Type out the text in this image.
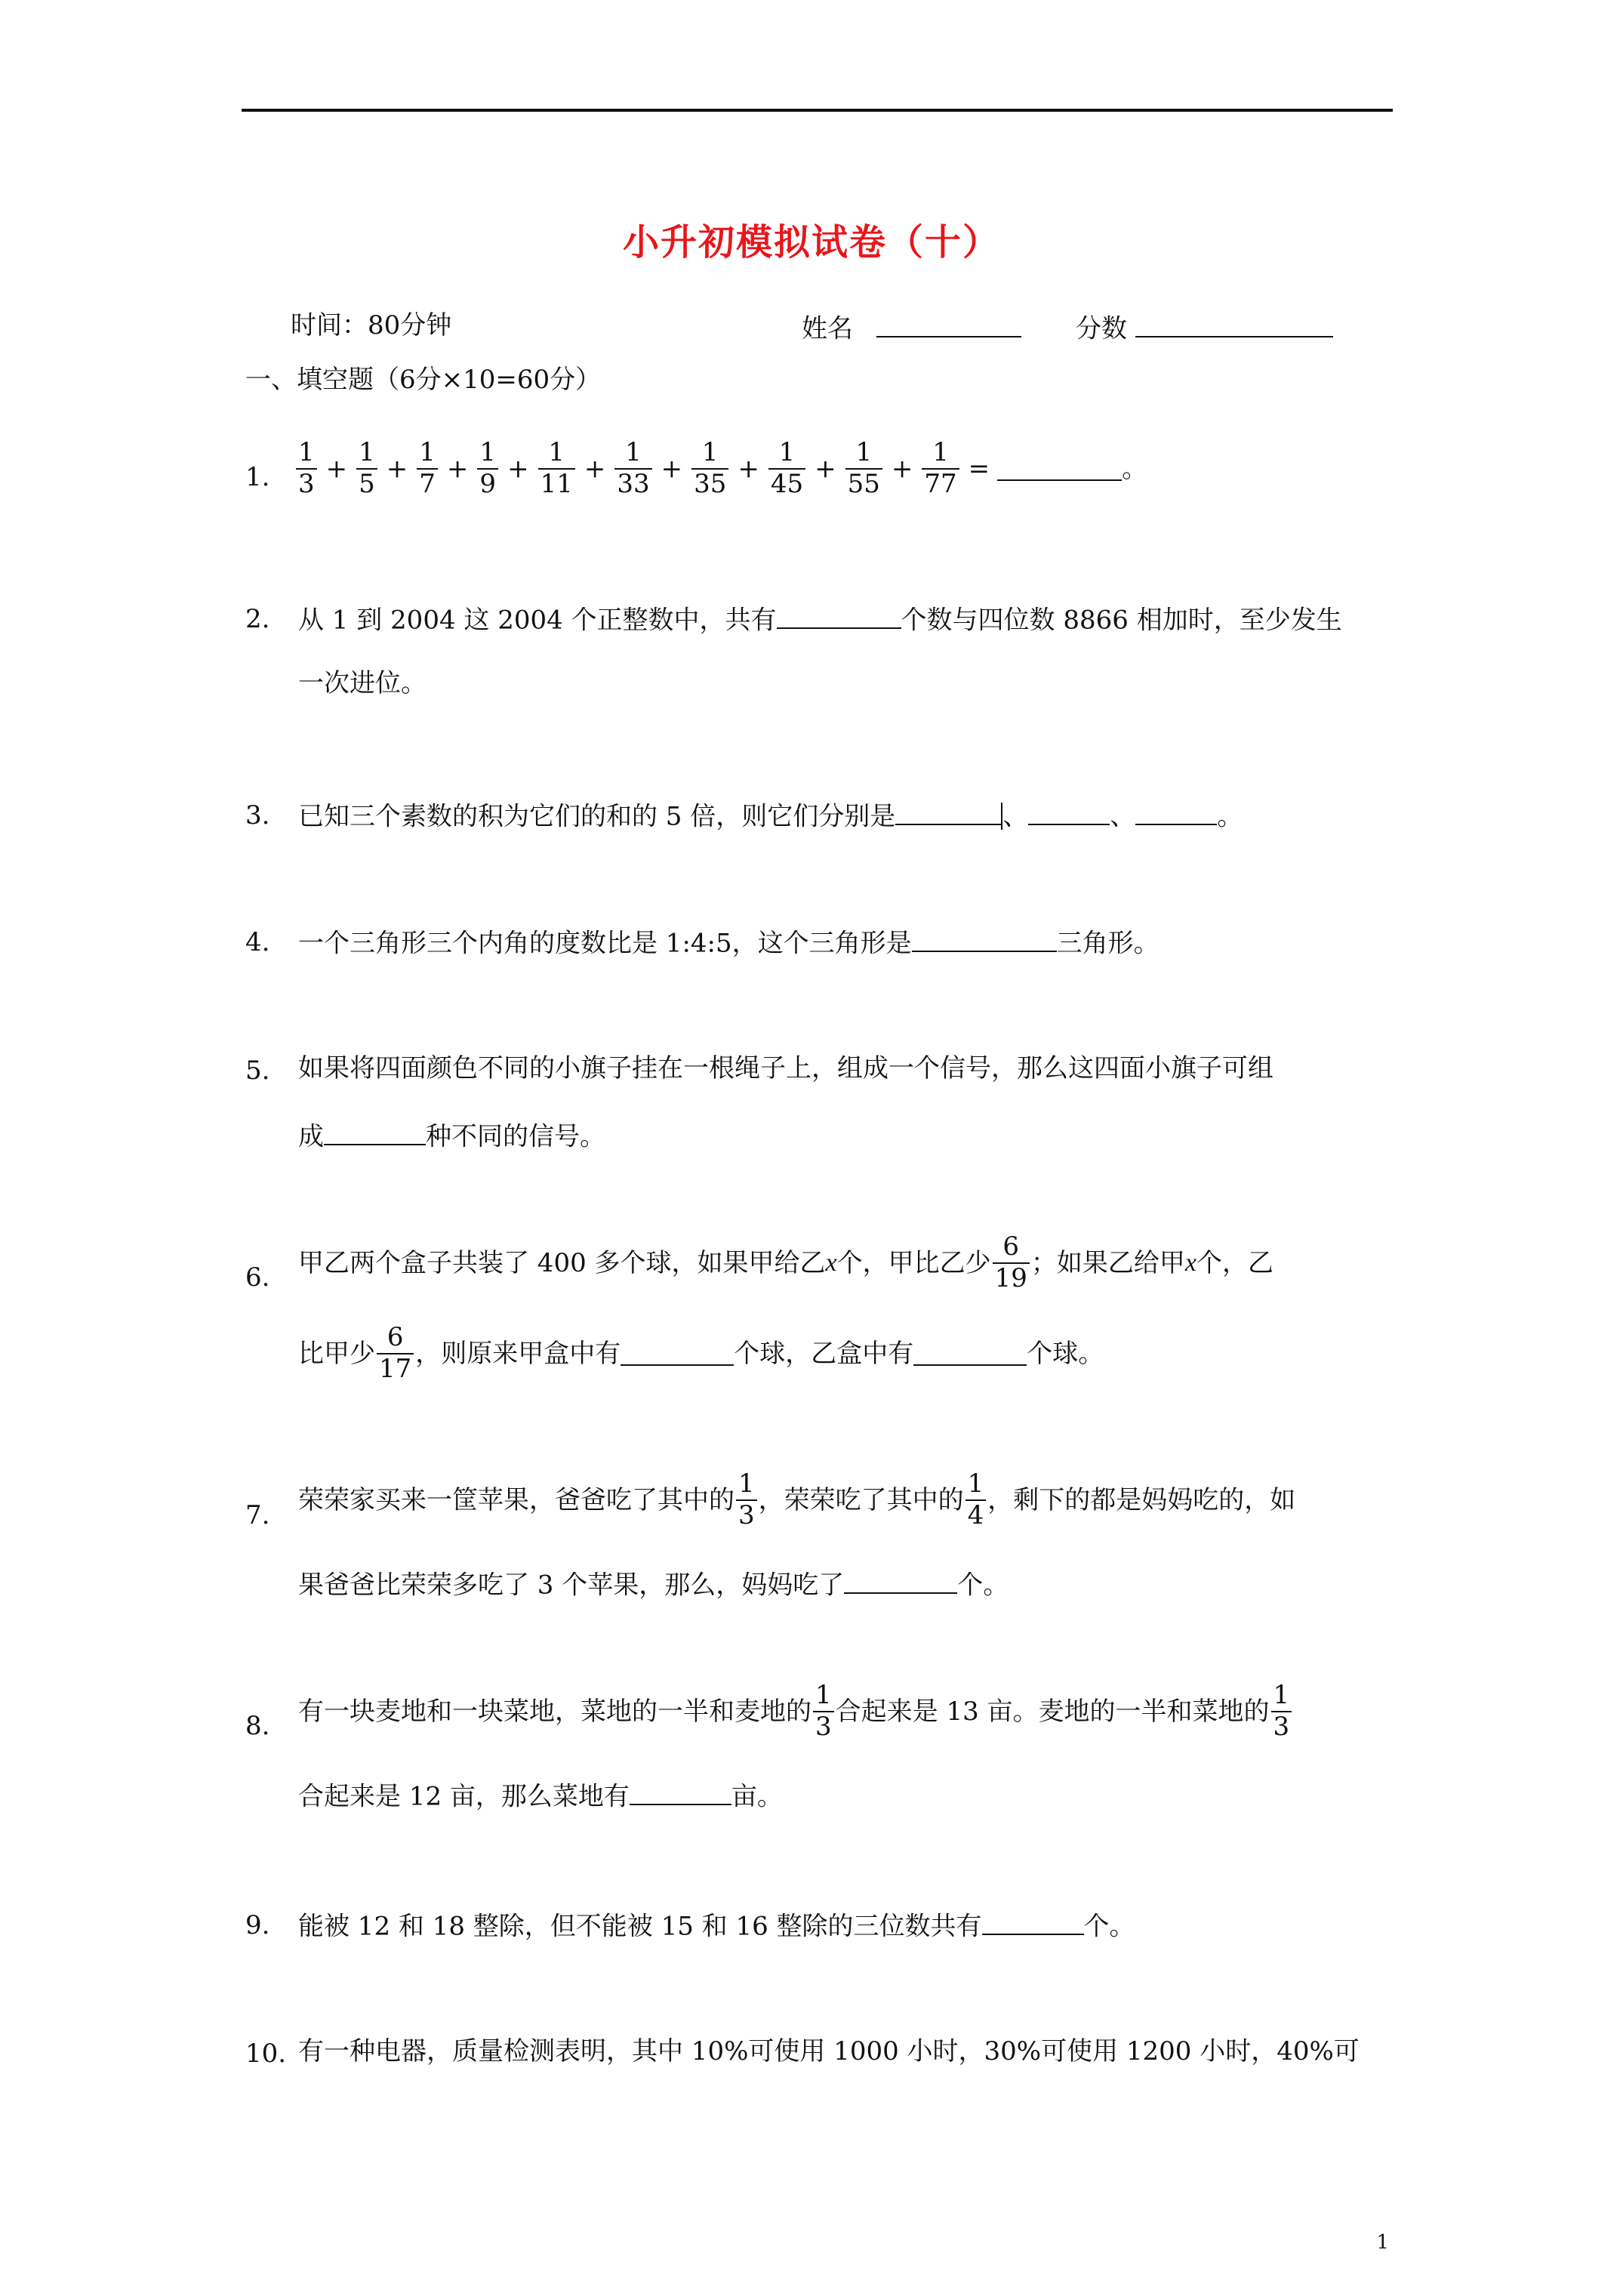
小升初模拟试卷（十）
时间：80分钟	姓名	分数
一、填空题（6分×10=60分）
1. $\frac{1}{3} + \frac{1}{5} + \frac{1}{7} + \frac{1}{9} + \frac{1}{11} + \frac{1}{33} + \frac{1}{35} + \frac{1}{45} + \frac{1}{55} + \frac{1}{77}$ =	。
2. 从 1 到 2004 这 2004 个正整数中，共有	个数与四位数 8866 相加时，至少发生
一次进位。
3. 已知三个素数的积为它们的和的 5 倍，则它们分别是	、	、	。
4. 一个三角形三个内角的度数比是 1:4:5，这个三角形是	三角形。
5. 如果将四面颜色不同的小旗子挂在一根绳子上，组成一个信号，那么这四面小旗子可组
成	种不同的信号。
6. 甲乙两个盒子共装了 400 多个球，如果甲给乙 x 个，甲比乙少 $\frac{6}{19}$ ；如果乙给甲 x 个，乙
比甲少 $\frac{6}{17}$ ，则原来甲盒中有	个球，乙盒中有	个球。
7. 荣荣家买来一筐苹果，爸爸吃了其中的 $\frac{1}{3}$ ，荣荣吃了其中的 $\frac{1}{4}$ ，剩下的都是妈妈吃的，如
果爸爸比荣荣多吃了 3 个苹果，那么，妈妈吃了	个。
8. 有一块麦地和一块菜地，菜地的一半和麦地的 $\frac{1}{3}$ 合起来是 13 亩。麦地的一半和菜地的 $\frac{1}{3}$
合起来是 12 亩，那么菜地有	亩。
9. 能被 12 和 18 整除，但不能被 15 和 16 整除的三位数共有	个。
10. 有一种电器，质量检测表明，其中 10%可使用 1000 小时，30%可使用 1200 小时，40%可
1
